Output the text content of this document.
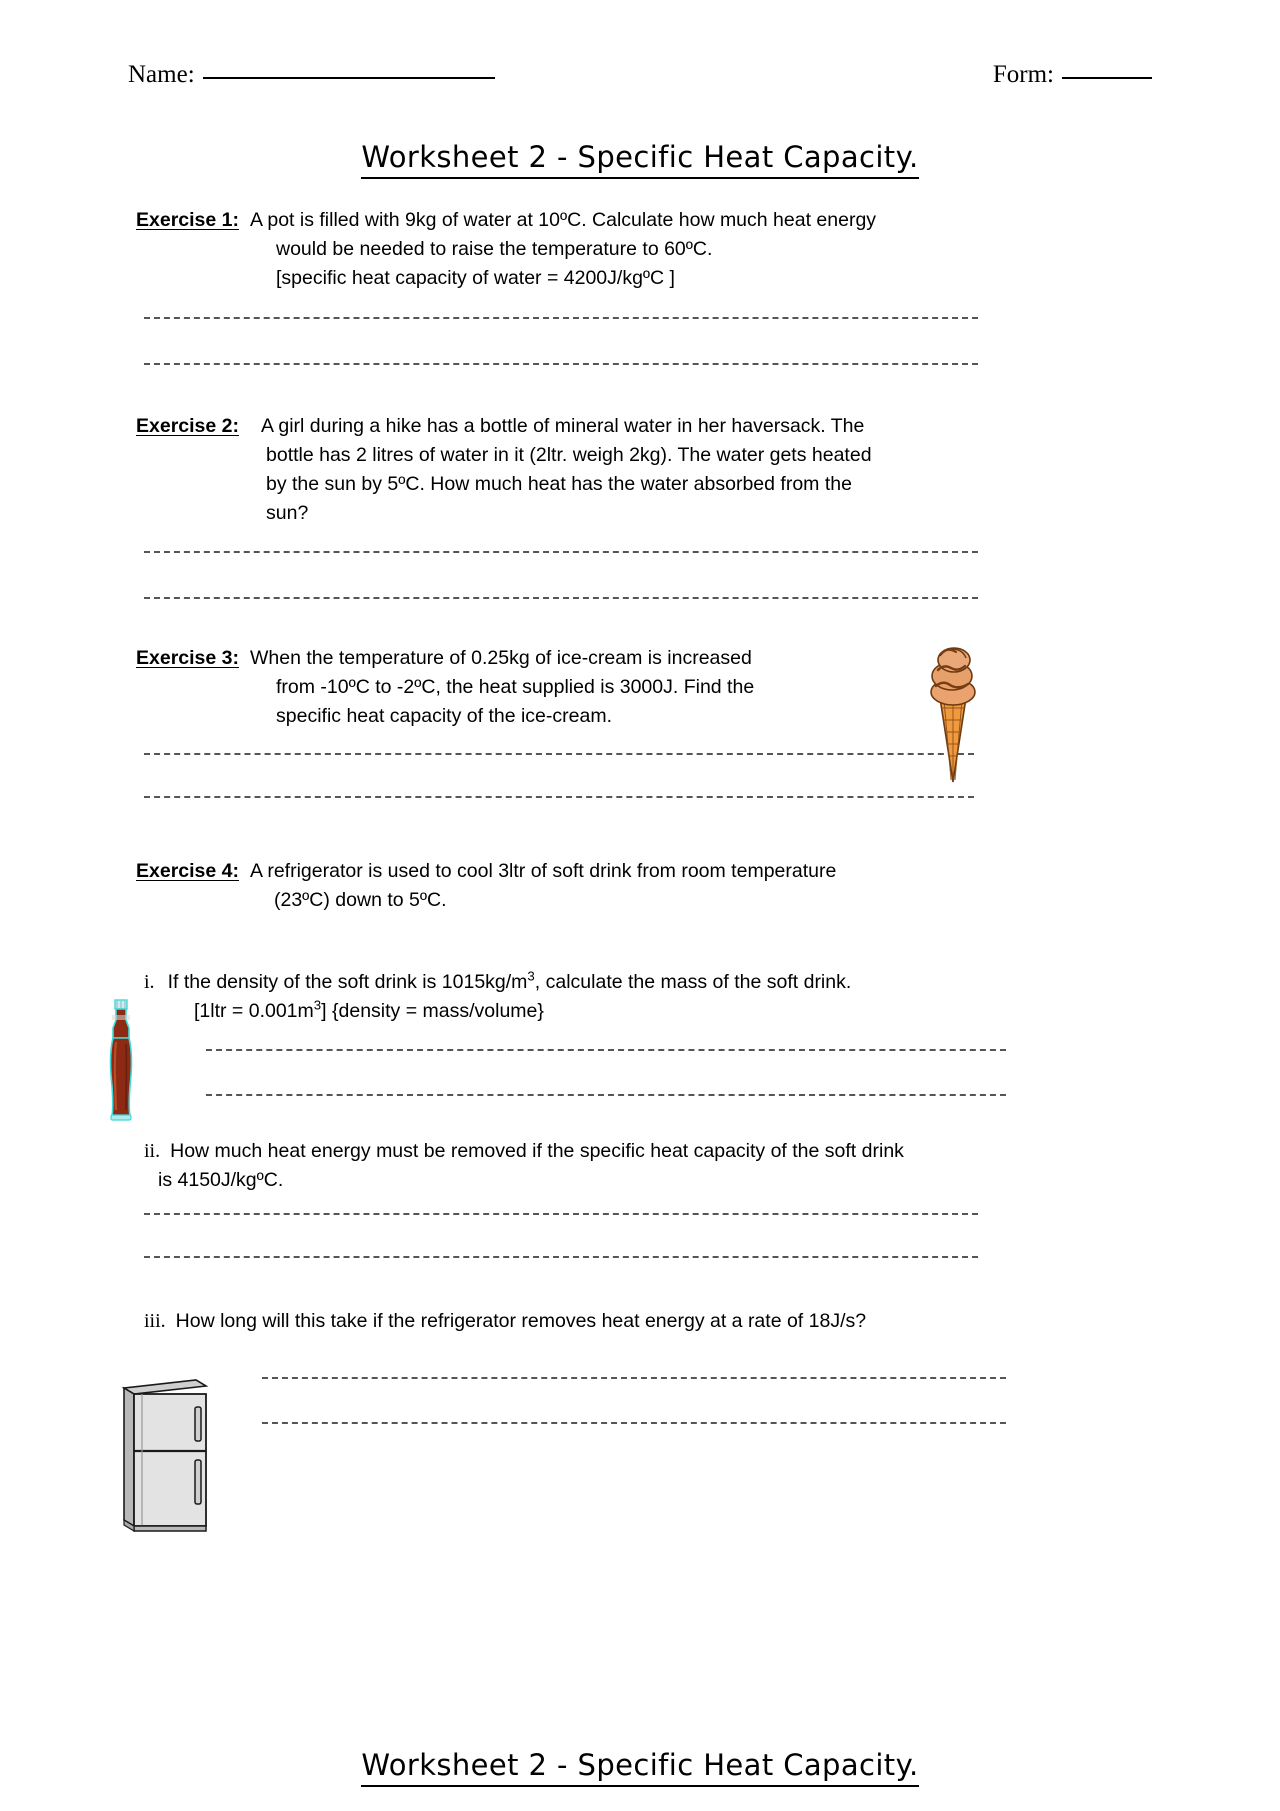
Name:	Form:
Worksheet 2 - Specific Heat Capacity.
Exercise 1: A pot is filled with 9kg of water at 10ºC. Calculate how much heat energy
would be needed to raise the temperature to 60ºC.
[specific heat capacity of water = 4200J/kgºC ]
Exercise 2: A girl during a hike has a bottle of mineral water in her haversack. The
bottle has 2 litres of water in it (2ltr. weigh 2kg). The water gets heated
by the sun by 5ºC. How much heat has the water absorbed from the
sun?
Exercise 3: When the temperature of 0.25kg of ice-cream is increased
from -10ºC to -2ºC, the heat supplied is 3000J. Find the
specific heat capacity of the ice-cream.
Exercise 4: A refrigerator is used to cool 3ltr of soft drink from room temperature
(23ºC) down to 5ºC.
i. If the density of the soft drink is $1015kg/m^3$, calculate the mass of the soft drink.
$[1ltr = 0.001m^3]$ {density = mass/volume}
ii. How much heat energy must be removed if the specific heat capacity of the soft drink
is 4150J/kgºC.
iii. How long will this take if the refrigerator removes heat energy at a rate of 18J/s?
Worksheet 2 - Specific Heat Capacity.
